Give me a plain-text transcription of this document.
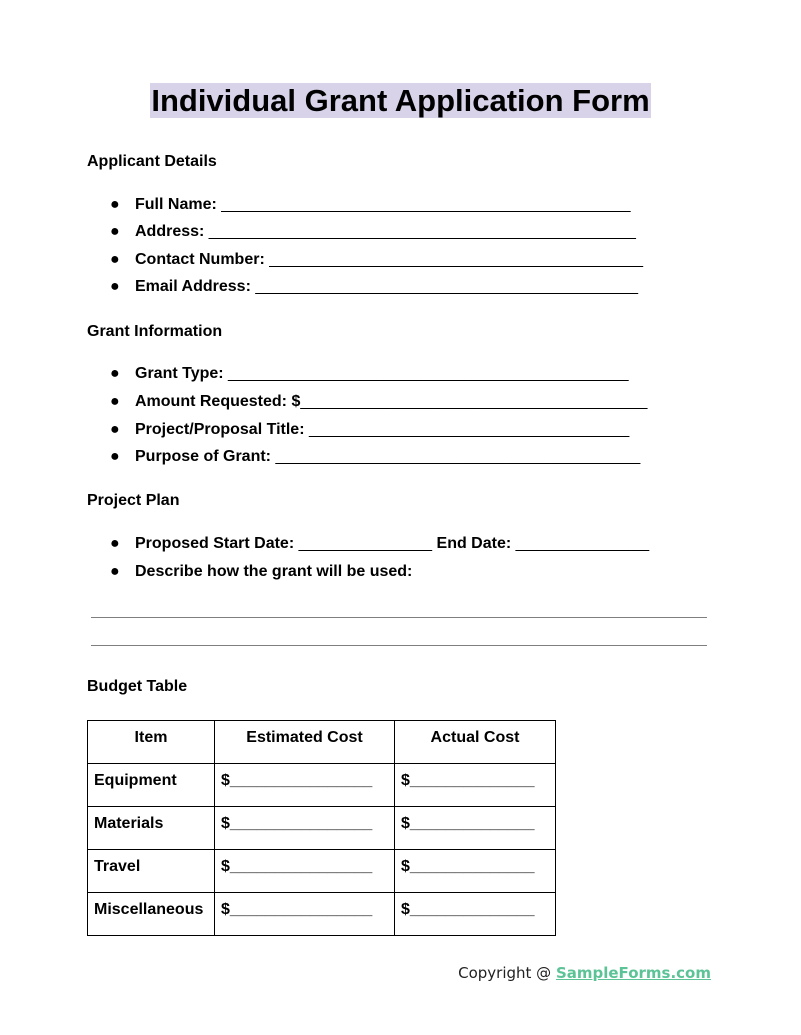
Individual Grant Application Form
Applicant Details
● Full Name: ______________________________________________
● Address: ________________________________________________
● Contact Number: __________________________________________
● Email Address: ___________________________________________
Grant Information
● Grant Type: _____________________________________________
● Amount Requested: $_______________________________________
● Project/Proposal Title: ____________________________________
● Purpose of Grant: _________________________________________
Project Plan
● Proposed Start Date: _______________ End Date: _______________
● Describe how the grant will be used:
Budget Table
Item	Estimated Cost	Actual Cost
Equipment	$________________	$______________
Materials	$________________	$______________
Travel	$________________	$______________
Miscellaneous	$________________	$______________
Copyright @ SampleForms.com
